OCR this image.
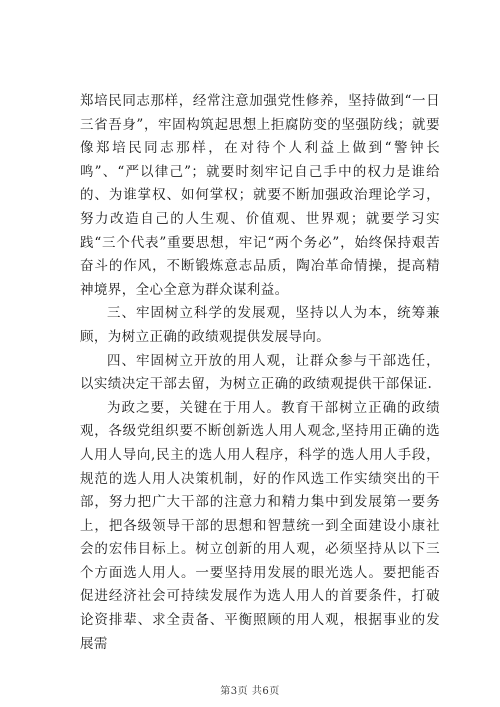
郑培民同志那样，经常注意加强党性修养，坚持做到“一日三省吾身”，牢固构筑起思想上拒腐防变的坚强防线；就要像郑培民同志那样，在对待个人利益上做到“警钟长鸣”、“严以律己”；就要时刻牢记自己手中的权力是谁给的、为谁掌权、如何掌权；就要不断加强政治理论学习，努力改造自己的人生观、价值观、世界观；就要学习实践“三个代表”重要思想，牢记“两个务必”，始终保持艰苦奋斗的作风，不断锻炼意志品质，陶冶革命情操，提高精神境界，全心全意为群众谋利益。

三、牢固树立科学的发展观，坚持以人为本，统筹兼顾，为树立正确的政绩观提供发展导向。

四、牢固树立开放的用人观，让群众参与干部选任，以实绩决定干部去留，为树立正确的政绩观提供干部保证.

为政之要，关键在于用人。教育干部树立正确的政绩观，各级党组织要不断创新选人用人观念,坚持用正确的选人用人导向,民主的选人用人程序，科学的选人用人手段，规范的选人用人决策机制，好的作风选工作实绩突出的干部，努力把广大干部的注意力和精力集中到发展第一要务上，把各级领导干部的思想和智慧统一到全面建设小康社会的宏伟目标上。树立创新的用人观，必须坚持从以下三个方面选人用人。一要坚持用发展的眼光选人。要把能否促进经济社会可持续发展作为选人用人的首要条件，打破论资排辈、求全责备、平衡照顾的用人观，根据事业的发展需

第3页 共6页
